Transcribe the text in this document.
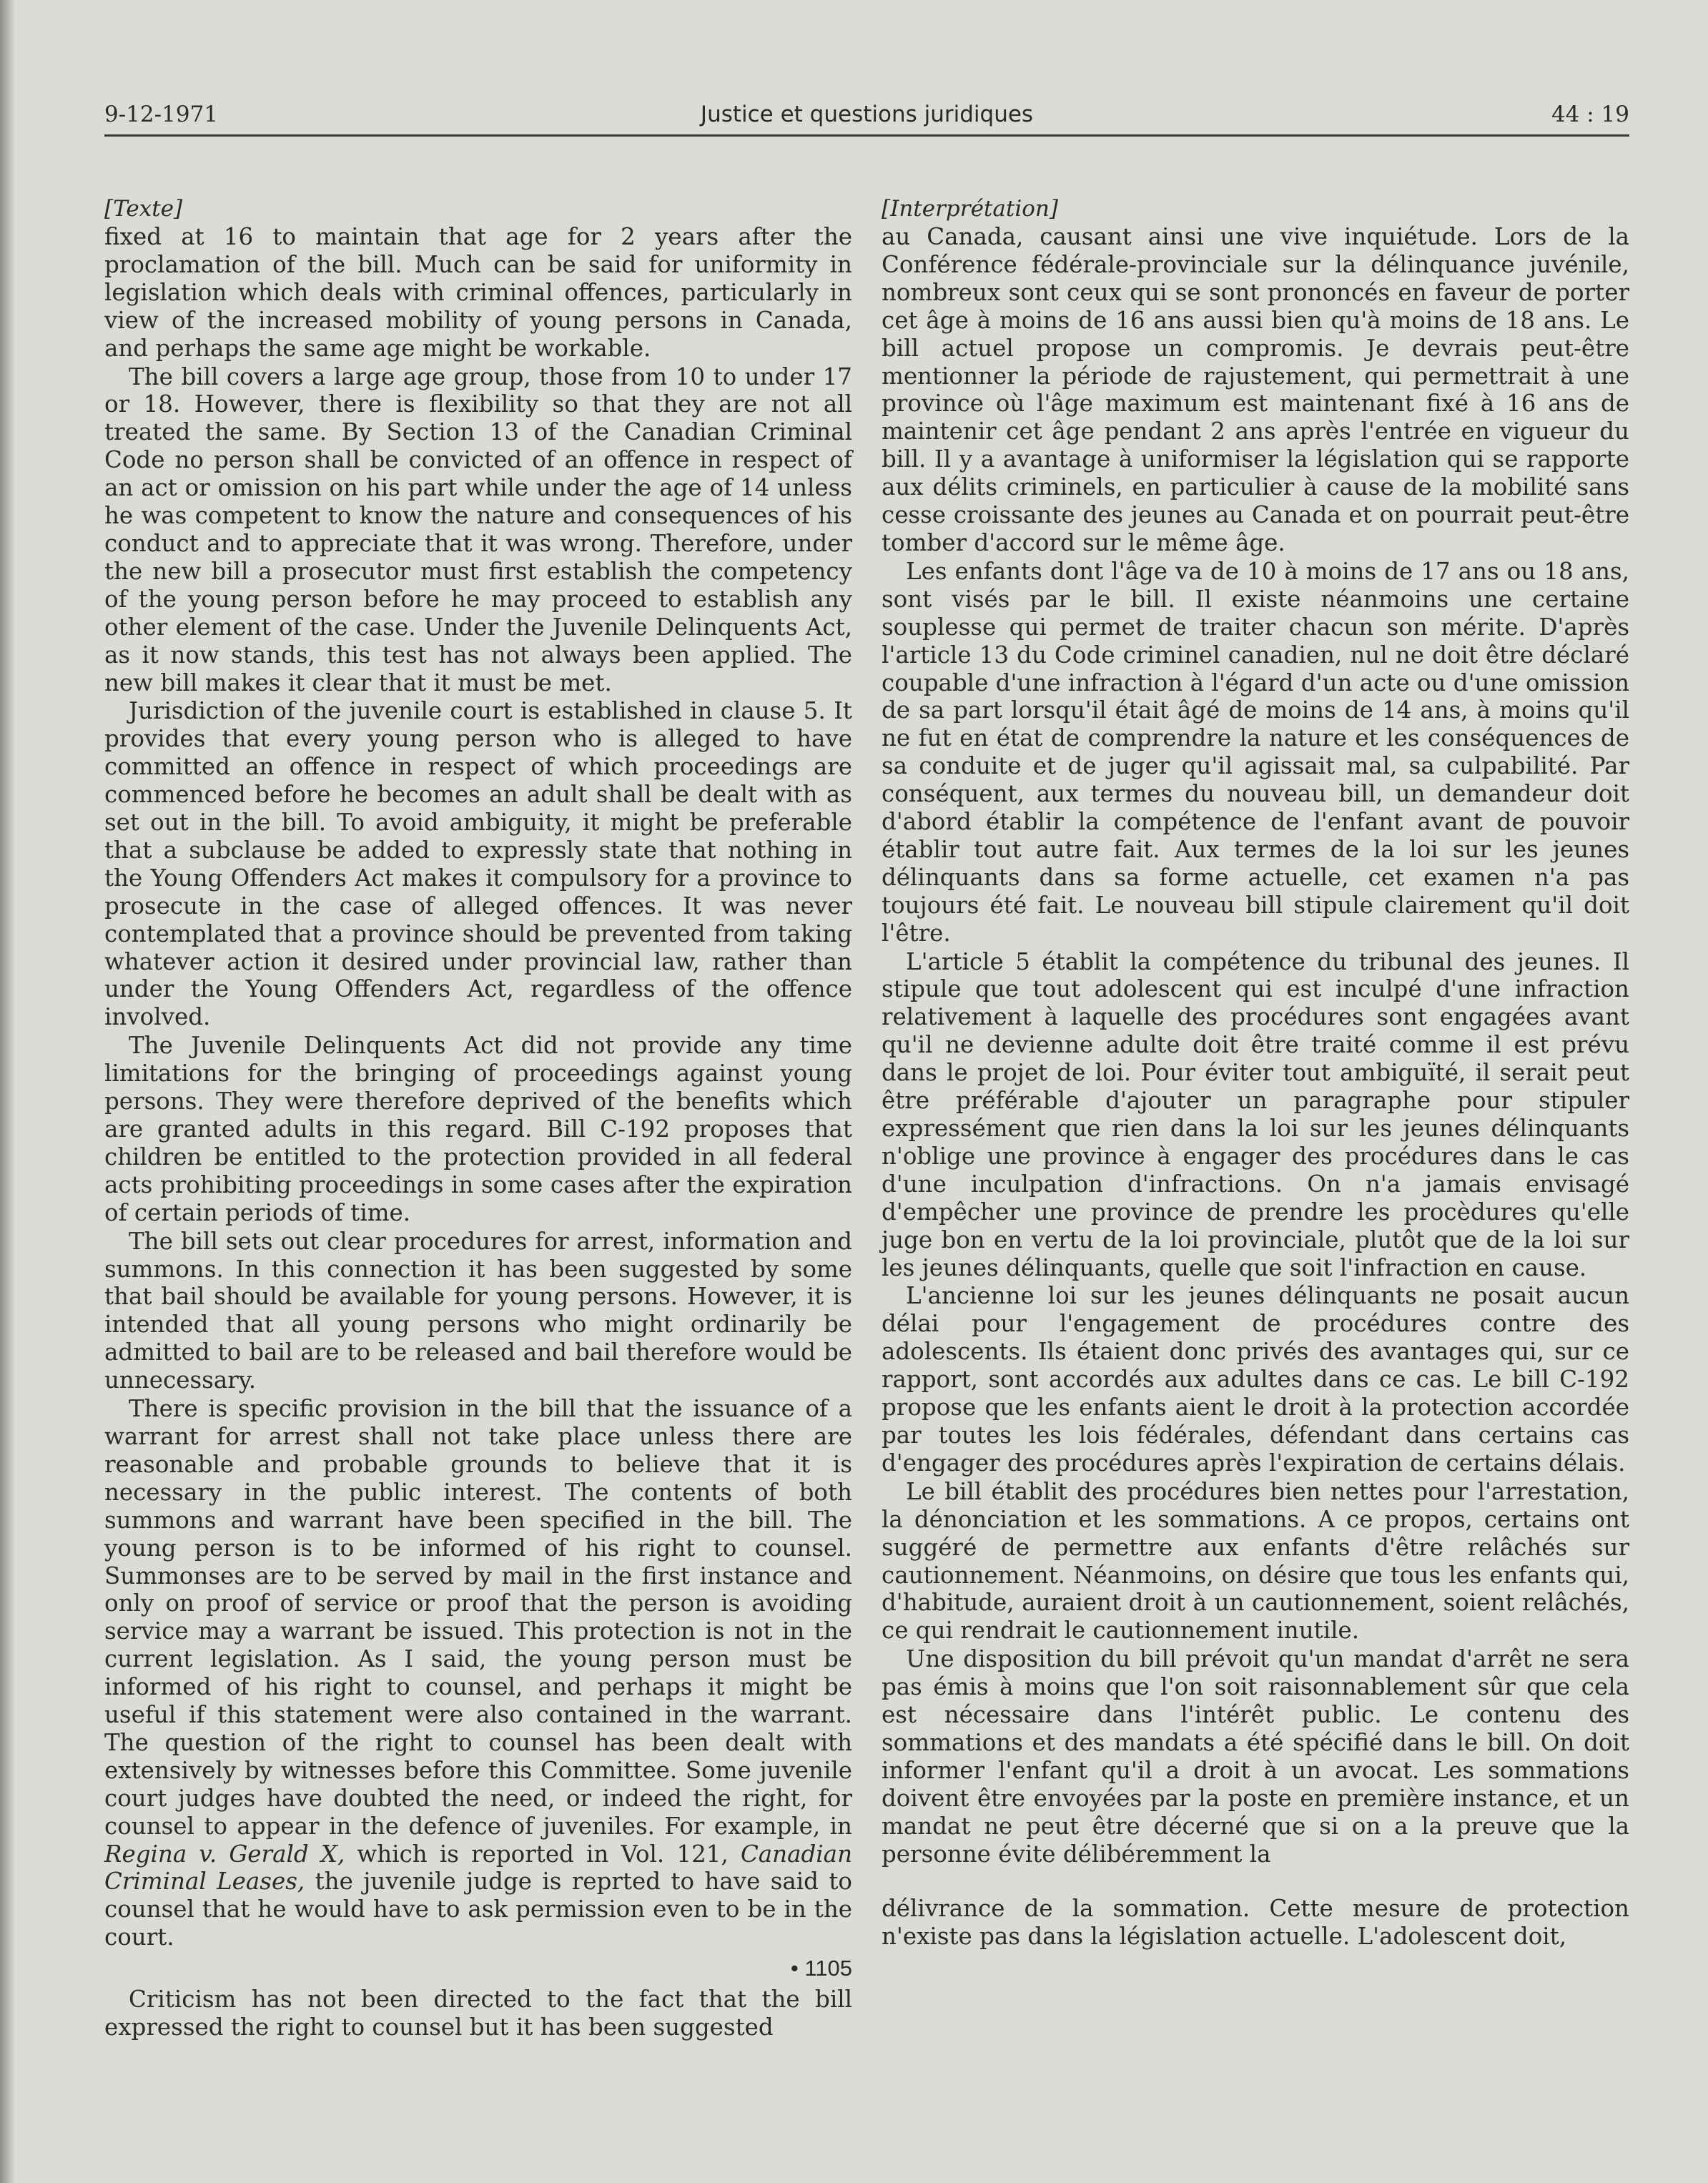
9-12-1971	Justice et questions juridiques	44 : 19
[Texte]

fixed at 16 to maintain that age for 2 years after the proclamation of the bill. Much can be said for uniformity in legislation which deals with criminal offences, particularly in view of the increased mobility of young persons in Canada, and perhaps the same age might be workable.

The bill covers a large age group, those from 10 to under 17 or 18. However, there is flexibility so that they are not all treated the same. By Section 13 of the Canadian Criminal Code no person shall be convicted of an offence in respect of an act or omission on his part while under the age of 14 unless he was competent to know the nature and consequences of his conduct and to appreciate that it was wrong. Therefore, under the new bill a prosecutor must first establish the competency of the young person before he may proceed to establish any other element of the case. Under the Juvenile Delinquents Act, as it now stands, this test has not always been applied. The new bill makes it clear that it must be met.

Jurisdiction of the juvenile court is established in clause 5. It provides that every young person who is alleged to have committed an offence in respect of which proceedings are commenced before he becomes an adult shall be dealt with as set out in the bill. To avoid ambiguity, it might be preferable that a subclause be added to expressly state that nothing in the Young Offenders Act makes it compulsory for a province to prosecute in the case of alleged offences. It was never contemplated that a province should be prevented from taking whatever action it desired under provincial law, rather than under the Young Offenders Act, regardless of the offence involved.

The Juvenile Delinquents Act did not provide any time limitations for the bringing of proceedings against young persons. They were therefore deprived of the benefits which are granted adults in this regard. Bill C-192 proposes that children be entitled to the protection provided in all federal acts prohibiting proceedings in some cases after the expiration of certain periods of time.

The bill sets out clear procedures for arrest, information and summons. In this connection it has been suggested by some that bail should be available for young persons. However, it is intended that all young persons who might ordinarily be admitted to bail are to be released and bail therefore would be unnecessary.

There is specific provision in the bill that the issuance of a warrant for arrest shall not take place unless there are reasonable and probable grounds to believe that it is necessary in the public interest. The contents of both summons and warrant have been specified in the bill. The young person is to be informed of his right to counsel. Summonses are to be served by mail in the first instance and only on proof of service or proof that the person is avoiding service may a warrant be issued. This protection is not in the current legislation. As I said, the young person must be informed of his right to counsel, and perhaps it might be useful if this statement were also contained in the warrant. The question of the right to counsel has been dealt with extensively by witnesses before this Committee. Some juvenile court judges have doubted the need, or indeed the right, for counsel to appear in the defence of juveniles. For example, in Regina v. Gerald X, which is reported in Vol. 121, Canadian Criminal Leases, the juvenile judge is reprted to have said to counsel that he would have to ask permission even to be in the court.

• 1105

Criticism has not been directed to the fact that the bill expressed the right to counsel but it has been suggested

[Interprétation]

au Canada, causant ainsi une vive inquiétude. Lors de la Conférence fédérale-provinciale sur la délinquance juvénile, nombreux sont ceux qui se sont prononcés en faveur de porter cet âge à moins de 16 ans aussi bien qu'à moins de 18 ans. Le bill actuel propose un compromis. Je devrais peut-être mentionner la période de rajustement, qui permettrait à une province où l'âge maximum est maintenant fixé à 16 ans de maintenir cet âge pendant 2 ans après l'entrée en vigueur du bill. Il y a avantage à uniformiser la législation qui se rapporte aux délits criminels, en particulier à cause de la mobilité sans cesse croissante des jeunes au Canada et on pourrait peut-être tomber d'accord sur le même âge.

Les enfants dont l'âge va de 10 à moins de 17 ans ou 18 ans, sont visés par le bill. Il existe néanmoins une certaine souplesse qui permet de traiter chacun son mérite. D'après l'article 13 du Code criminel canadien, nul ne doit être déclaré coupable d'une infraction à l'égard d'un acte ou d'une omission de sa part lorsqu'il était âgé de moins de 14 ans, à moins qu'il ne fut en état de comprendre la nature et les conséquences de sa conduite et de juger qu'il agissait mal, sa culpabilité. Par conséquent, aux termes du nouveau bill, un demandeur doit d'abord établir la compétence de l'enfant avant de pouvoir établir tout autre fait. Aux termes de la loi sur les jeunes délinquants dans sa forme actuelle, cet examen n'a pas toujours été fait. Le nouveau bill stipule clairement qu'il doit l'être.

L'article 5 établit la compétence du tribunal des jeunes. Il stipule que tout adolescent qui est inculpé d'une infraction relativement à laquelle des procédures sont engagées avant qu'il ne devienne adulte doit être traité comme il est prévu dans le projet de loi. Pour éviter tout ambiguïté, il serait peut être préférable d'ajouter un paragraphe pour stipuler expressément que rien dans la loi sur les jeunes délinquants n'oblige une province à engager des procédures dans le cas d'une inculpation d'infractions. On n'a jamais envisagé d'empêcher une province de prendre les procèdures qu'elle juge bon en vertu de la loi provinciale, plutôt que de la loi sur les jeunes délinquants, quelle que soit l'infraction en cause.

L'ancienne loi sur les jeunes délinquants ne posait aucun délai pour l'engagement de procédures contre des adolescents. Ils étaient donc privés des avantages qui, sur ce rapport, sont accordés aux adultes dans ce cas. Le bill C-192 propose que les enfants aient le droit à la protection accordée par toutes les lois fédérales, défendant dans certains cas d'engager des procédures après l'expiration de certains délais.

Le bill établit des procédures bien nettes pour l'arrestation, la dénonciation et les sommations. A ce propos, certains ont suggéré de permettre aux enfants d'être relâchés sur cautionnement. Néanmoins, on désire que tous les enfants qui, d'habitude, auraient droit à un cautionnement, soient relâchés, ce qui rendrait le cautionnement inutile.

Une disposition du bill prévoit qu'un mandat d'arrêt ne sera pas émis à moins que l'on soit raisonnablement sûr que cela est nécessaire dans l'intérêt public. Le contenu des sommations et des mandats a été spécifié dans le bill. On doit informer l'enfant qu'il a droit à un avocat. Les sommations doivent être envoyées par la poste en première instance, et un mandat ne peut être décerné que si on a la preuve que la personne évite délibéremment la

délivrance de la sommation. Cette mesure de protection n'existe pas dans la législation actuelle. L'adolescent doit,
